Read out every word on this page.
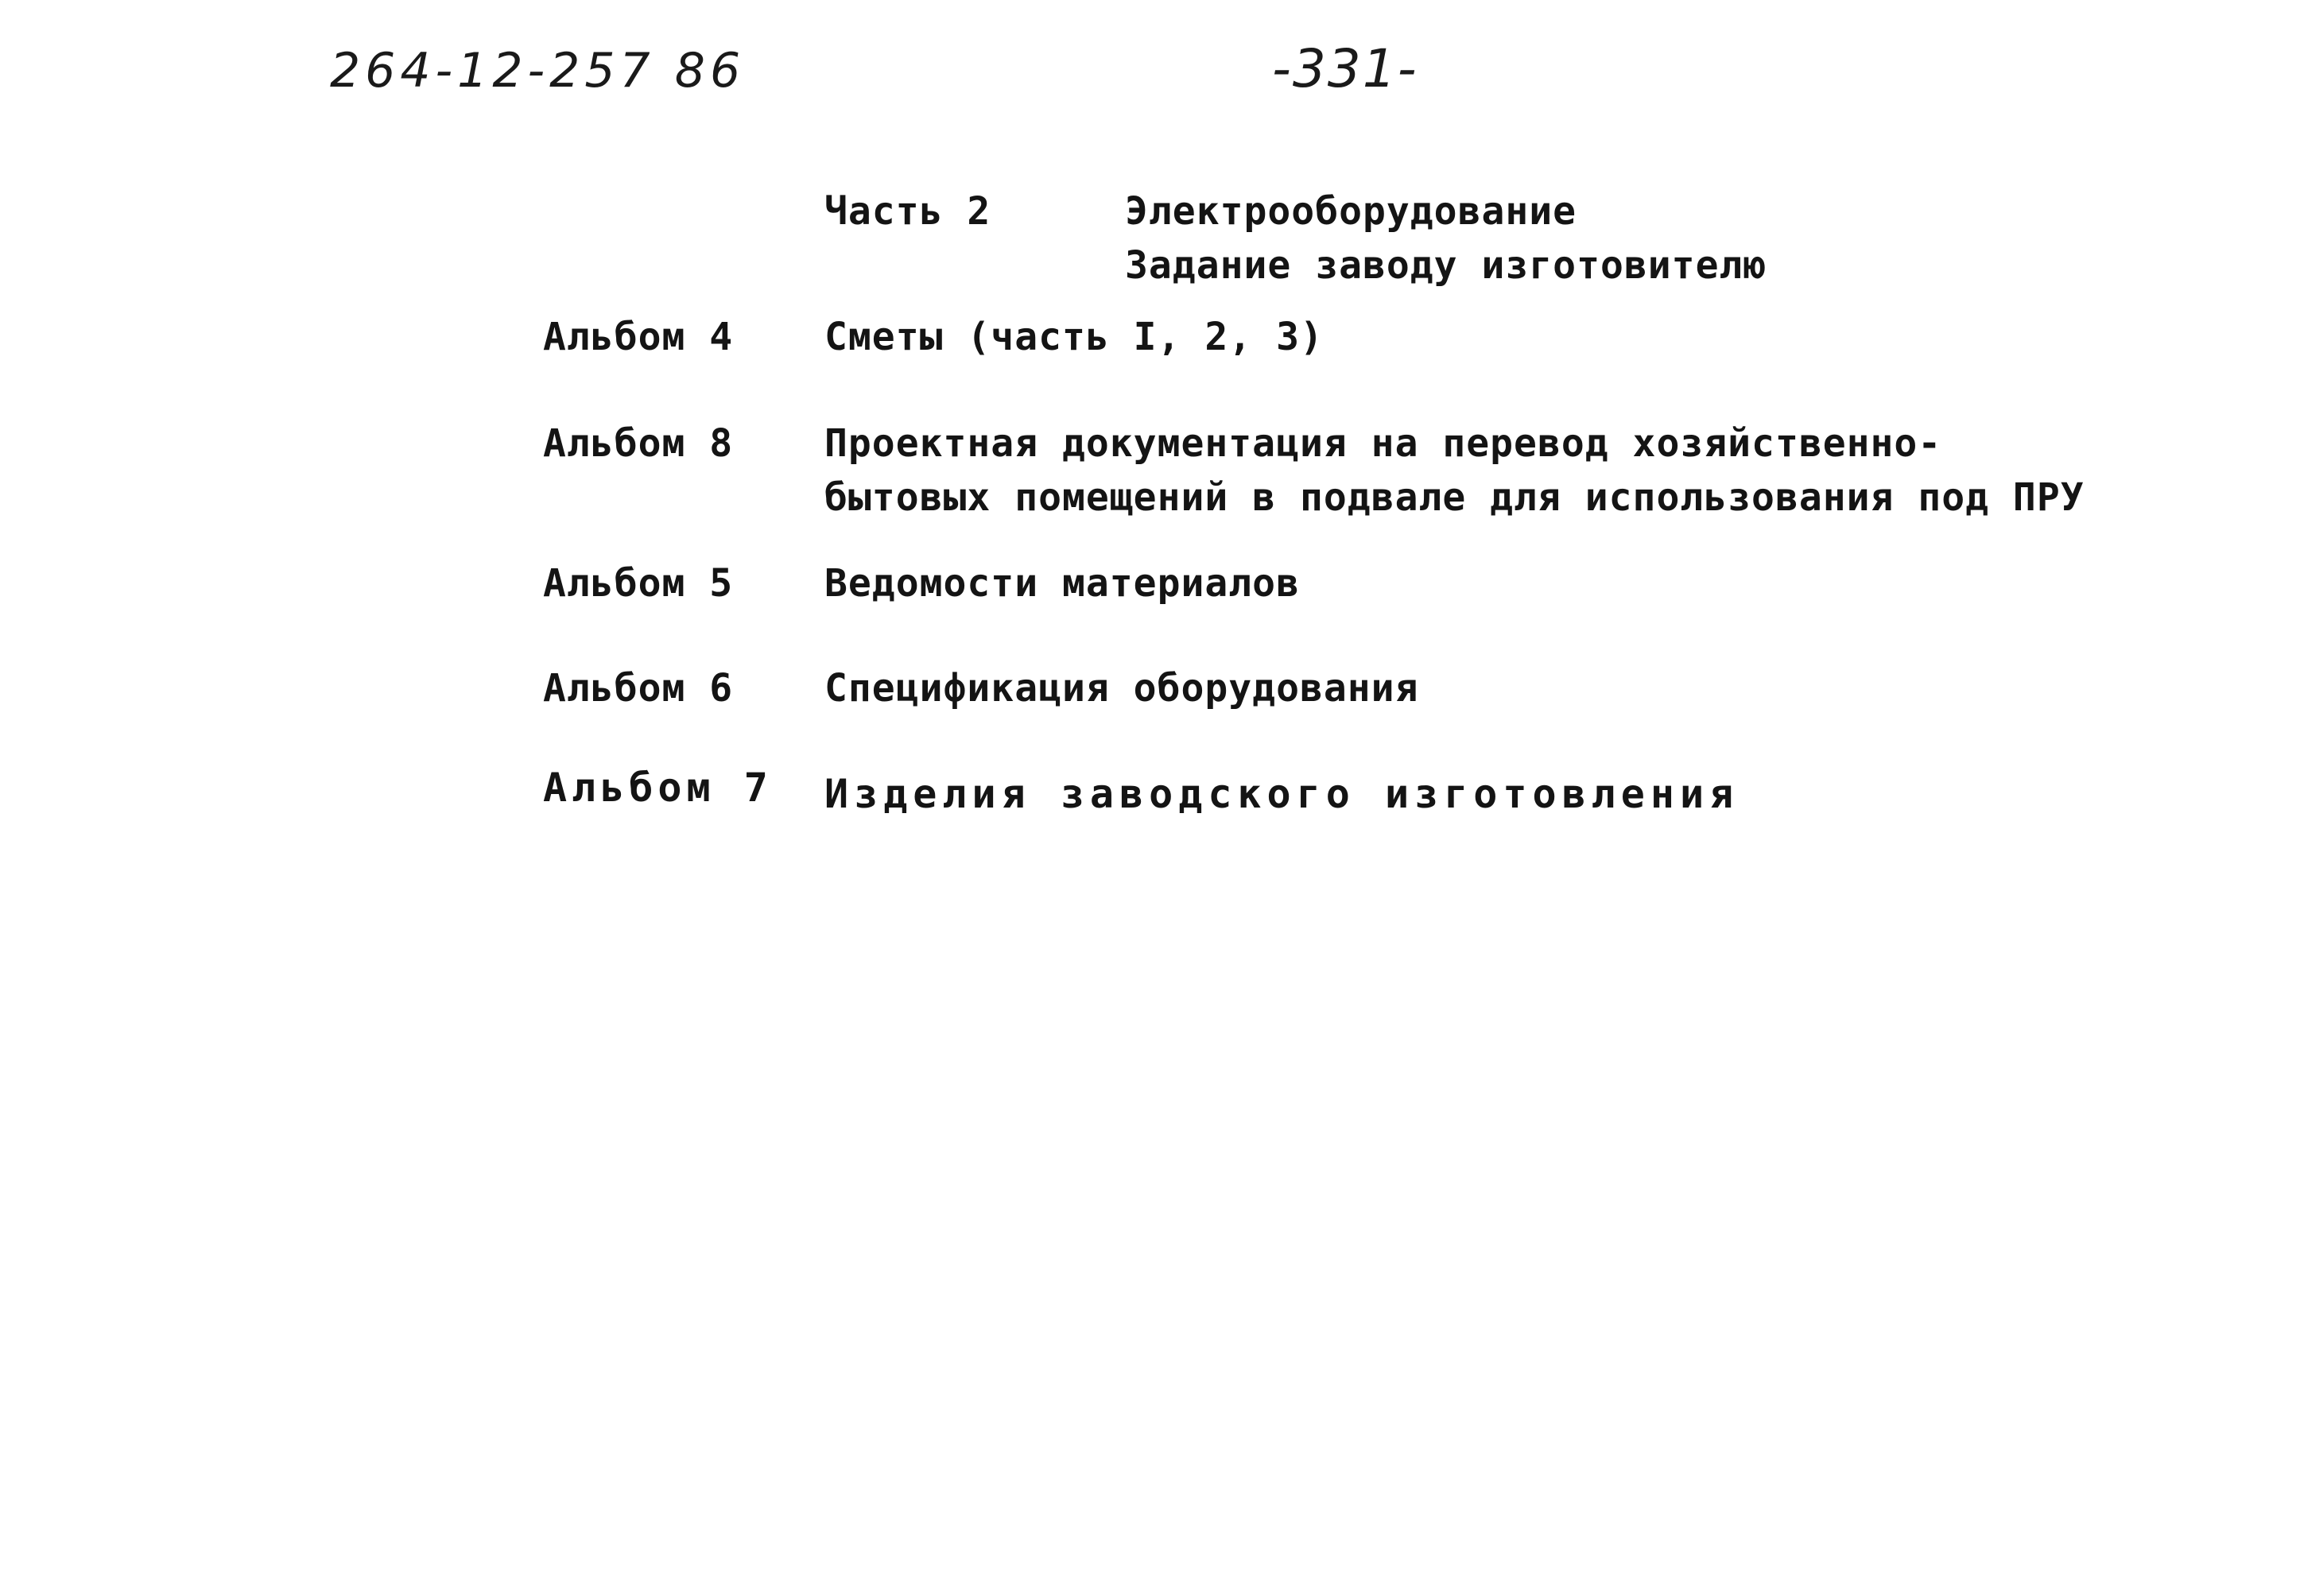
264-12-257 86	-331-
Часть 2	Электрооборудование
Задание заводу изготовителю
Альбом 4 Сметы (часть I, 2, 3)
Альбом 8 Проектная документация на перевод хозяйственно-
бытовых помещений в подвале для использования под ПРУ
Альбом 5 Ведомости материалов
Альбом 6 Спецификация оборудования
Альбом 7 Изделия заводского изготовления
